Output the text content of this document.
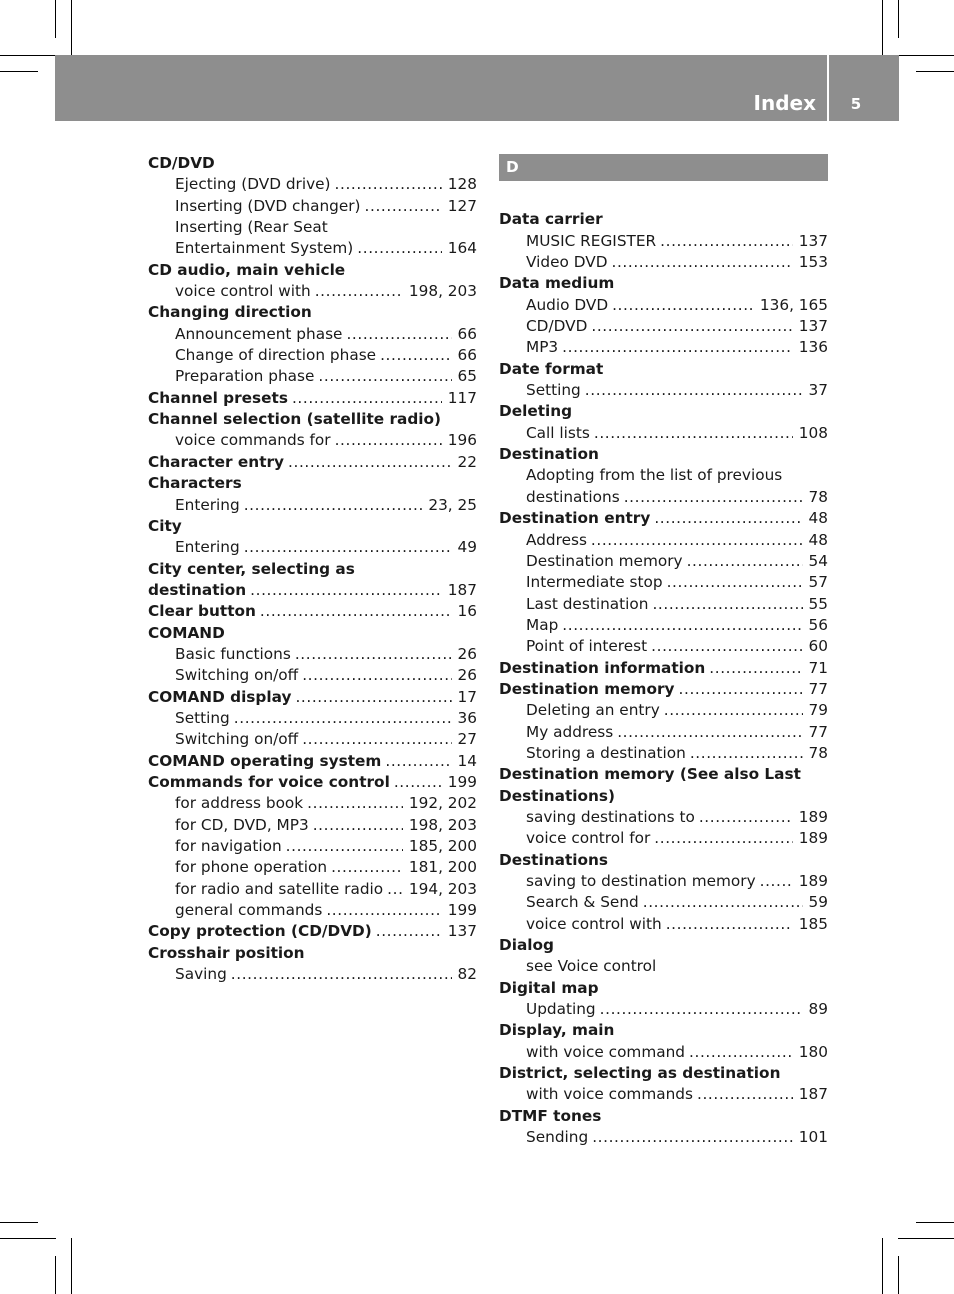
Index	5
CD/DVD
Ejecting (DVD drive) .....	128
Inserting (DVD changer) .....	127
Inserting (Rear Seat
Entertainment System) .....	164
CD audio, main vehicle
voice control with .....	198, 203
Changing direction
Announcement phase .....	66
Change of direction phase .....	66
Preparation phase .....	65
Channel presets .....	117
Channel selection (satellite radio)
voice commands for .....	196
Character entry .....	22
Characters
Entering .....	23, 25
City
Entering .....	49
City center, selecting as
destination .....	187
Clear button .....	16
COMAND
Basic functions .....	26
Switching on/off .....	26
COMAND display .....	17
Setting .....	36
Switching on/off .....	27
COMAND operating system .....	14
Commands for voice control .....	199
for address book .....	192, 202
for CD, DVD, MP3 .....	198, 203
for navigation .....	185, 200
for phone operation .....	181, 200
for radio and satellite radio ..... 194, 203
general commands .....	199
Copy protection (CD/DVD) .....	137
Crosshair position
Saving .....	82
D
Data carrier
MUSIC REGISTER .....	137
Video DVD .....	153
Data medium
Audio DVD .....	136, 165
CD/DVD .....	137
MP3 .....	136
Date format
Setting .....	37
Deleting
Call lists .....	108
Destination
Adopting from the list of previous
destinations .....	78
Destination entry .....	48
Address .....	48
Destination memory .....	54
Intermediate stop .....	57
Last destination .....	55
Map .....	56
Point of interest .....	60
Destination information .....	71
Destination memory .....	77
Deleting an entry .....	79
My address .....	77
Storing a destination .....	78
Destination memory (See also Last
Destinations)
saving destinations to .....	189
voice control for .....	189
Destinations
saving to destination memory .....	189
Search & Send .....	59
voice control with .....	185
Dialog
see Voice control
Digital map
Updating .....	89
Display, main
with voice command .....	180
District, selecting as destination
with voice commands .....	187
DTMF tones
Sending .....	101
